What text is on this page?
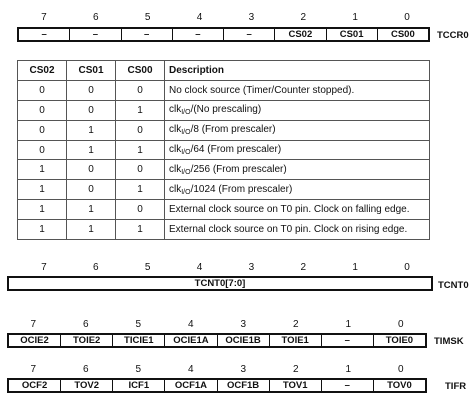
7	6	5	4	3	2	1	0
–	–	–	–	–	CS02	CS01	CS00	TCCR0
CS02	CS01	CS00	Description
0	0	0	No clock source (Timer/Counter stopped).
0	0	1	clk$_{I/O}$/(No prescaling)
0	1	0	clk$_{I/O}$/8 (From prescaler)
0	1	1	clk$_{I/O}$/64 (From prescaler)
1	0	0	clk$_{I/O}$/256 (From prescaler)
1	0	1	clk$_{I/O}$/1024 (From prescaler)
1	1	0	External clock source on T0 pin. Clock on falling edge.
1	1	1	External clock source on T0 pin. Clock on rising edge.
7	6	5	4	3	2	1	0
TCNT0[7:0]	TCNT0
7	6	5	4	3	2	1	0
OCIE2	TOIE2	TICIE1	OCIE1A	OCIE1B	TOIE1	–	TOIE0	TIMSK
7	6	5	4	3	2	1	0
OCF2	TOV2	ICF1	OCF1A	OCF1B	TOV1	–	TOV0	TIFR
